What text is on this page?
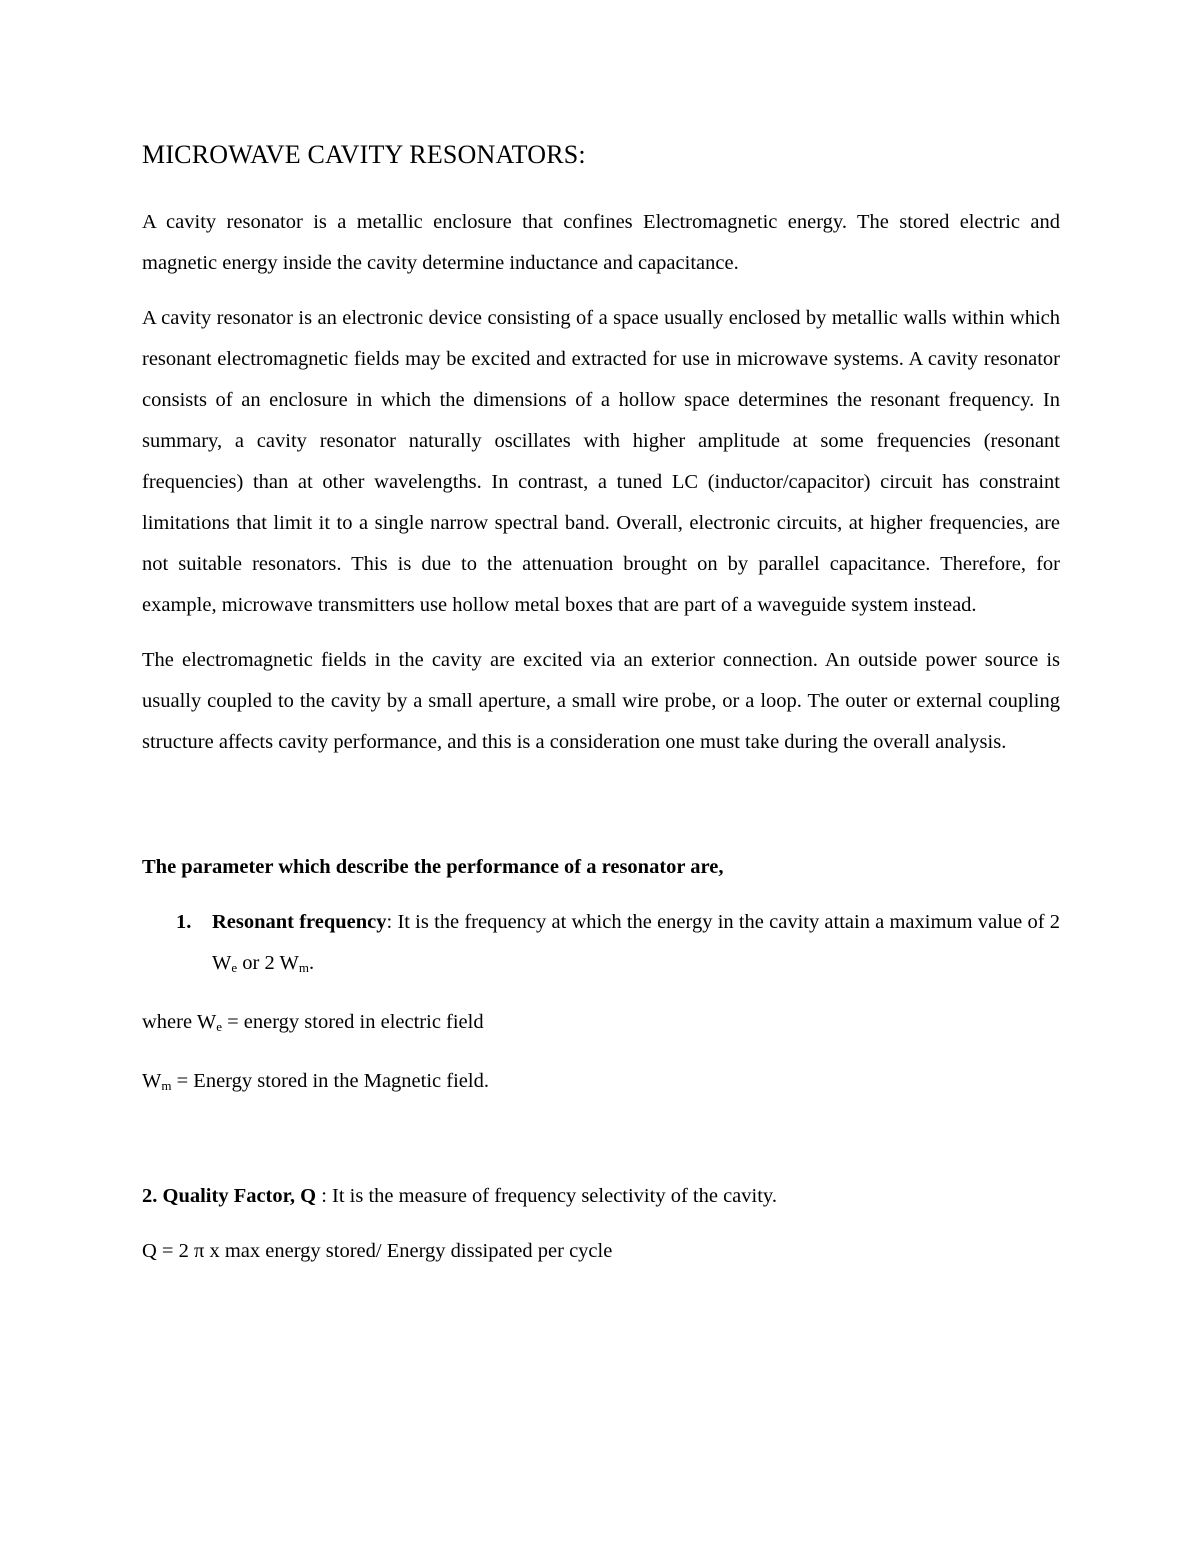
MICROWAVE CAVITY RESONATORS:

A cavity resonator is a metallic enclosure that confines Electromagnetic energy. The stored electric and magnetic energy inside the cavity determine inductance and capacitance.

A cavity resonator is an electronic device consisting of a space usually enclosed by metallic walls within which resonant electromagnetic fields may be excited and extracted for use in microwave systems. A cavity resonator consists of an enclosure in which the dimensions of a hollow space determines the resonant frequency. In summary, a cavity resonator naturally oscillates with higher amplitude at some frequencies (resonant frequencies) than at other wavelengths. In contrast, a tuned LC (inductor/capacitor) circuit has constraint limitations that limit it to a single narrow spectral band. Overall, electronic circuits, at higher frequencies, are not suitable resonators. This is due to the attenuation brought on by parallel capacitance. Therefore, for example, microwave transmitters use hollow metal boxes that are part of a waveguide system instead.

The electromagnetic fields in the cavity are excited via an exterior connection. An outside power source is usually coupled to the cavity by a small aperture, a small wire probe, or a loop. The outer or external coupling structure affects cavity performance, and this is a consideration one must take during the overall analysis.

The parameter which describe the performance of a resonator are,

1.	Resonant frequency: It is the frequency at which the energy in the cavity attain a maximum value of 2 $W_e$ or 2 $W_m$.

where $W_e$ = energy stored in electric field

$W_m$ = Energy stored in the Magnetic field.

2. Quality Factor, Q : It is the measure of frequency selectivity of the cavity.

Q = 2 π x max energy stored/ Energy dissipated per cycle
